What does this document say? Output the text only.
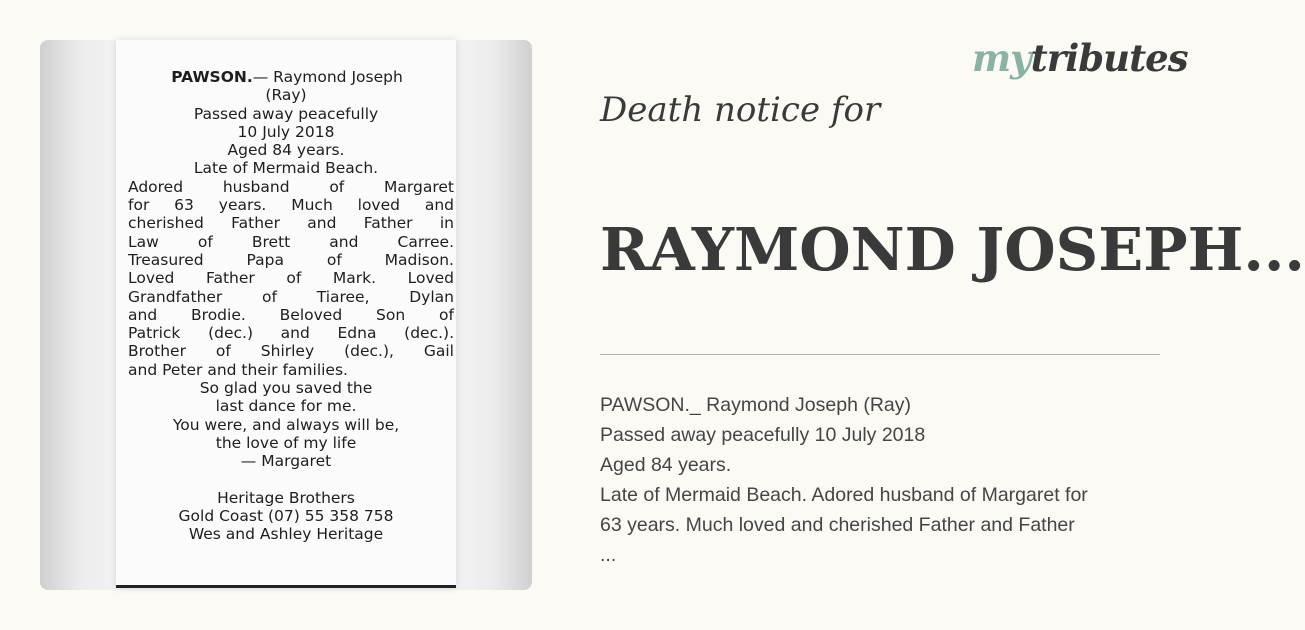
PAWSON.— Raymond Joseph
(Ray)
Passed away peacefully
10 July 2018
Aged 84 years.
Late of Mermaid Beach.
Adored husband of Margaret
for 63 years. Much loved and
cherished Father and Father in
Law of Brett and Carree.
Treasured Papa of Madison.
Loved Father of Mark. Loved
Grandfather of Tiaree, Dylan
and Brodie. Beloved Son of
Patrick (dec.) and Edna (dec.).
Brother of Shirley (dec.), Gail
and Peter and their families.
So glad you saved the
last dance for me.
You were, and always will be,
the love of my life
— Margaret
Heritage Brothers
Gold Coast (07) 55 358 758
Wes and Ashley Heritage
mytributes
Death notice for
RAYMOND JOSEPH...
PAWSON._ Raymond Joseph (Ray)
Passed away peacefully 10 July 2018
Aged 84 years.
Late of Mermaid Beach. Adored husband of Margaret for
63 years. Much loved and cherished Father and Father
...
